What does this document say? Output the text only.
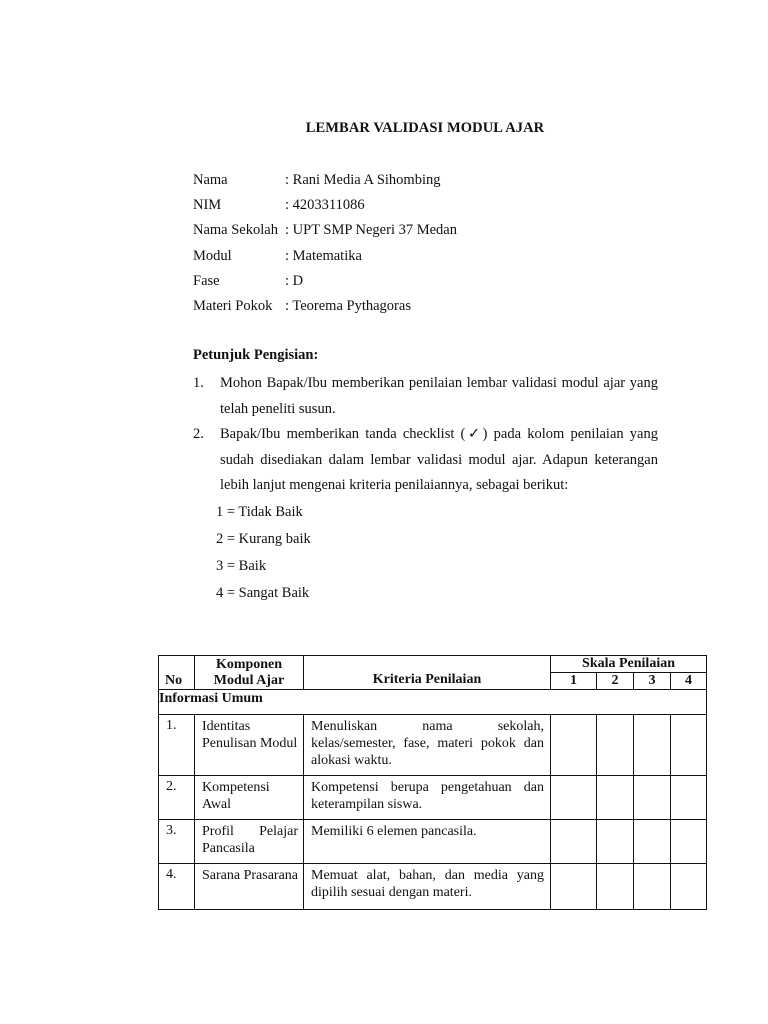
LEMBAR VALIDASI MODUL AJAR
Nama	: Rani Media A Sihombing
NIM	: 4203311086
Nama Sekolah : UPT SMP Negeri 37 Medan
Modul	: Matematika
Fase	: D
Materi Pokok : Teorema Pythagoras
Petunjuk Pengisian:
1.	Mohon Bapak/Ibu memberikan penilaian lembar validasi modul ajar yang telah peneliti susun.
2.	Bapak/Ibu memberikan tanda checklist (✓) pada kolom penilaian yang sudah disediakan dalam lembar validasi modul ajar. Adapun keterangan lebih lanjut mengenai kriteria penilaiannya, sebagai berikut:
1 = Tidak Baik
2 = Kurang baik
3 = Baik
4 = Sangat Baik
No	Komponen Modul Ajar	Kriteria Penilaian	Skala Penilaian			
			1	2	3	4
Informasi Umum						
1.	Identitas Penulisan Modul	Menuliskan nama sekolah, kelas/semester, fase, materi pokok dan alokasi waktu.				
2.	Kompetensi Awal	Kompetensi berupa pengetahuan dan keterampilan siswa.				
3.	Profil Pelajar Pancasila	Memiliki 6 elemen pancasila.				
4.	Sarana Prasarana	Memuat alat, bahan, dan media yang dipilih sesuai dengan materi.				
